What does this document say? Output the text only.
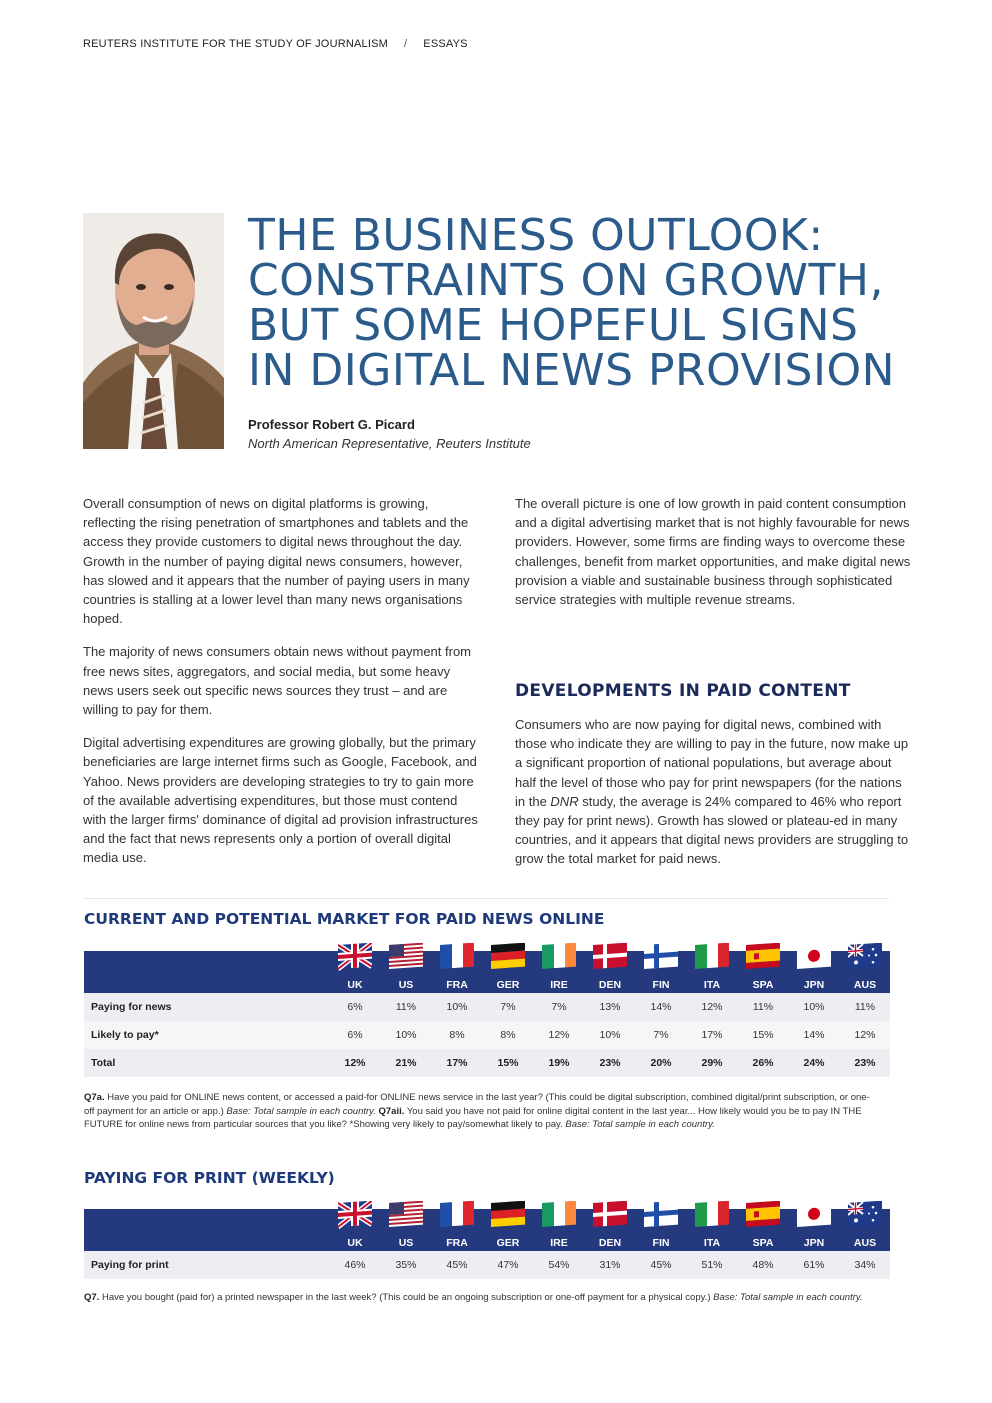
REUTERS INSTITUTE FOR THE STUDY OF JOURNALISM / ESSAYS
THE BUSINESS OUTLOOK:
CONSTRAINTS ON GROWTH,
BUT SOME HOPEFUL SIGNS
IN DIGITAL NEWS PROVISION
Professor Robert G. Picard
North American Representative, Reuters Institute

Overall consumption of news on digital platforms is growing, reflecting the rising penetration of smartphones and tablets and the access they provide customers to digital news throughout the day. Growth in the number of paying digital news consumers, however, has slowed and it appears that the number of paying users in many countries is stalling at a lower level than many news organisations hoped.

The majority of news consumers obtain news without payment from free news sites, aggregators, and social media, but some heavy news users seek out specific news sources they trust – and are willing to pay for them.

Digital advertising expenditures are growing globally, but the primary beneficiaries are large internet firms such as Google, Facebook, and Yahoo. News providers are developing strategies to try to gain more of the available advertising expenditures, but those must contend with the larger firms' dominance of digital ad provision infrastructures and the fact that news represents only a portion of overall digital media use.

The overall picture is one of low growth in paid content consumption and a digital advertising market that is not highly favourable for news providers. However, some firms are finding ways to overcome these challenges, benefit from market opportunities, and make digital news provision a viable and sustainable business through sophisticated service strategies with multiple revenue streams.

DEVELOPMENTS IN PAID CONTENT

Consumers who are now paying for digital news, combined with those who indicate they are willing to pay in the future, now make up a significant proportion of national populations, but average about half the level of those who pay for print newspapers (for the nations in the DNR study, the average is 24% compared to 46% who report they pay for print news). Growth has slowed or plateau-ed in many countries, and it appears that digital news providers are struggling to grow the total market for paid news.

CURRENT AND POTENTIAL MARKET FOR PAID NEWS ONLINE
UK	US	FRA	GER	IRE	DEN	FIN	ITA	SPA	JPN	AUS
Paying for news	6%	11%	10%	7%	7%	13%	14%	12%	11%	10%	11%
Likely to pay*	6%	10%	8%	8%	12%	10%	7%	17%	15%	14%	12%
Total	12%	21%	17%	15%	19%	23%	20%	29%	26%	24%	23%
Q7a. Have you paid for ONLINE news content, or accessed a paid-for ONLINE news service in the last year? (This could be digital subscription, combined digital/print subscription, or one-off payment for an article or app.) Base: Total sample in each country. Q7aii. You said you have not paid for online digital content in the last year... How likely would you be to pay IN THE FUTURE for online news from particular sources that you like? *Showing very likely to pay/somewhat likely to pay. Base: Total sample in each country.
PAYING FOR PRINT (WEEKLY)
UK	US	FRA	GER	IRE	DEN	FIN	ITA	SPA	JPN	AUS
Paying for print	46%	35%	45%	47%	54%	31%	45%	51%	48%	61%	34%
Q7. Have you bought (paid for) a printed newspaper in the last week? (This could be an ongoing subscription or one-off payment for a physical copy.) Base: Total sample in each country.
